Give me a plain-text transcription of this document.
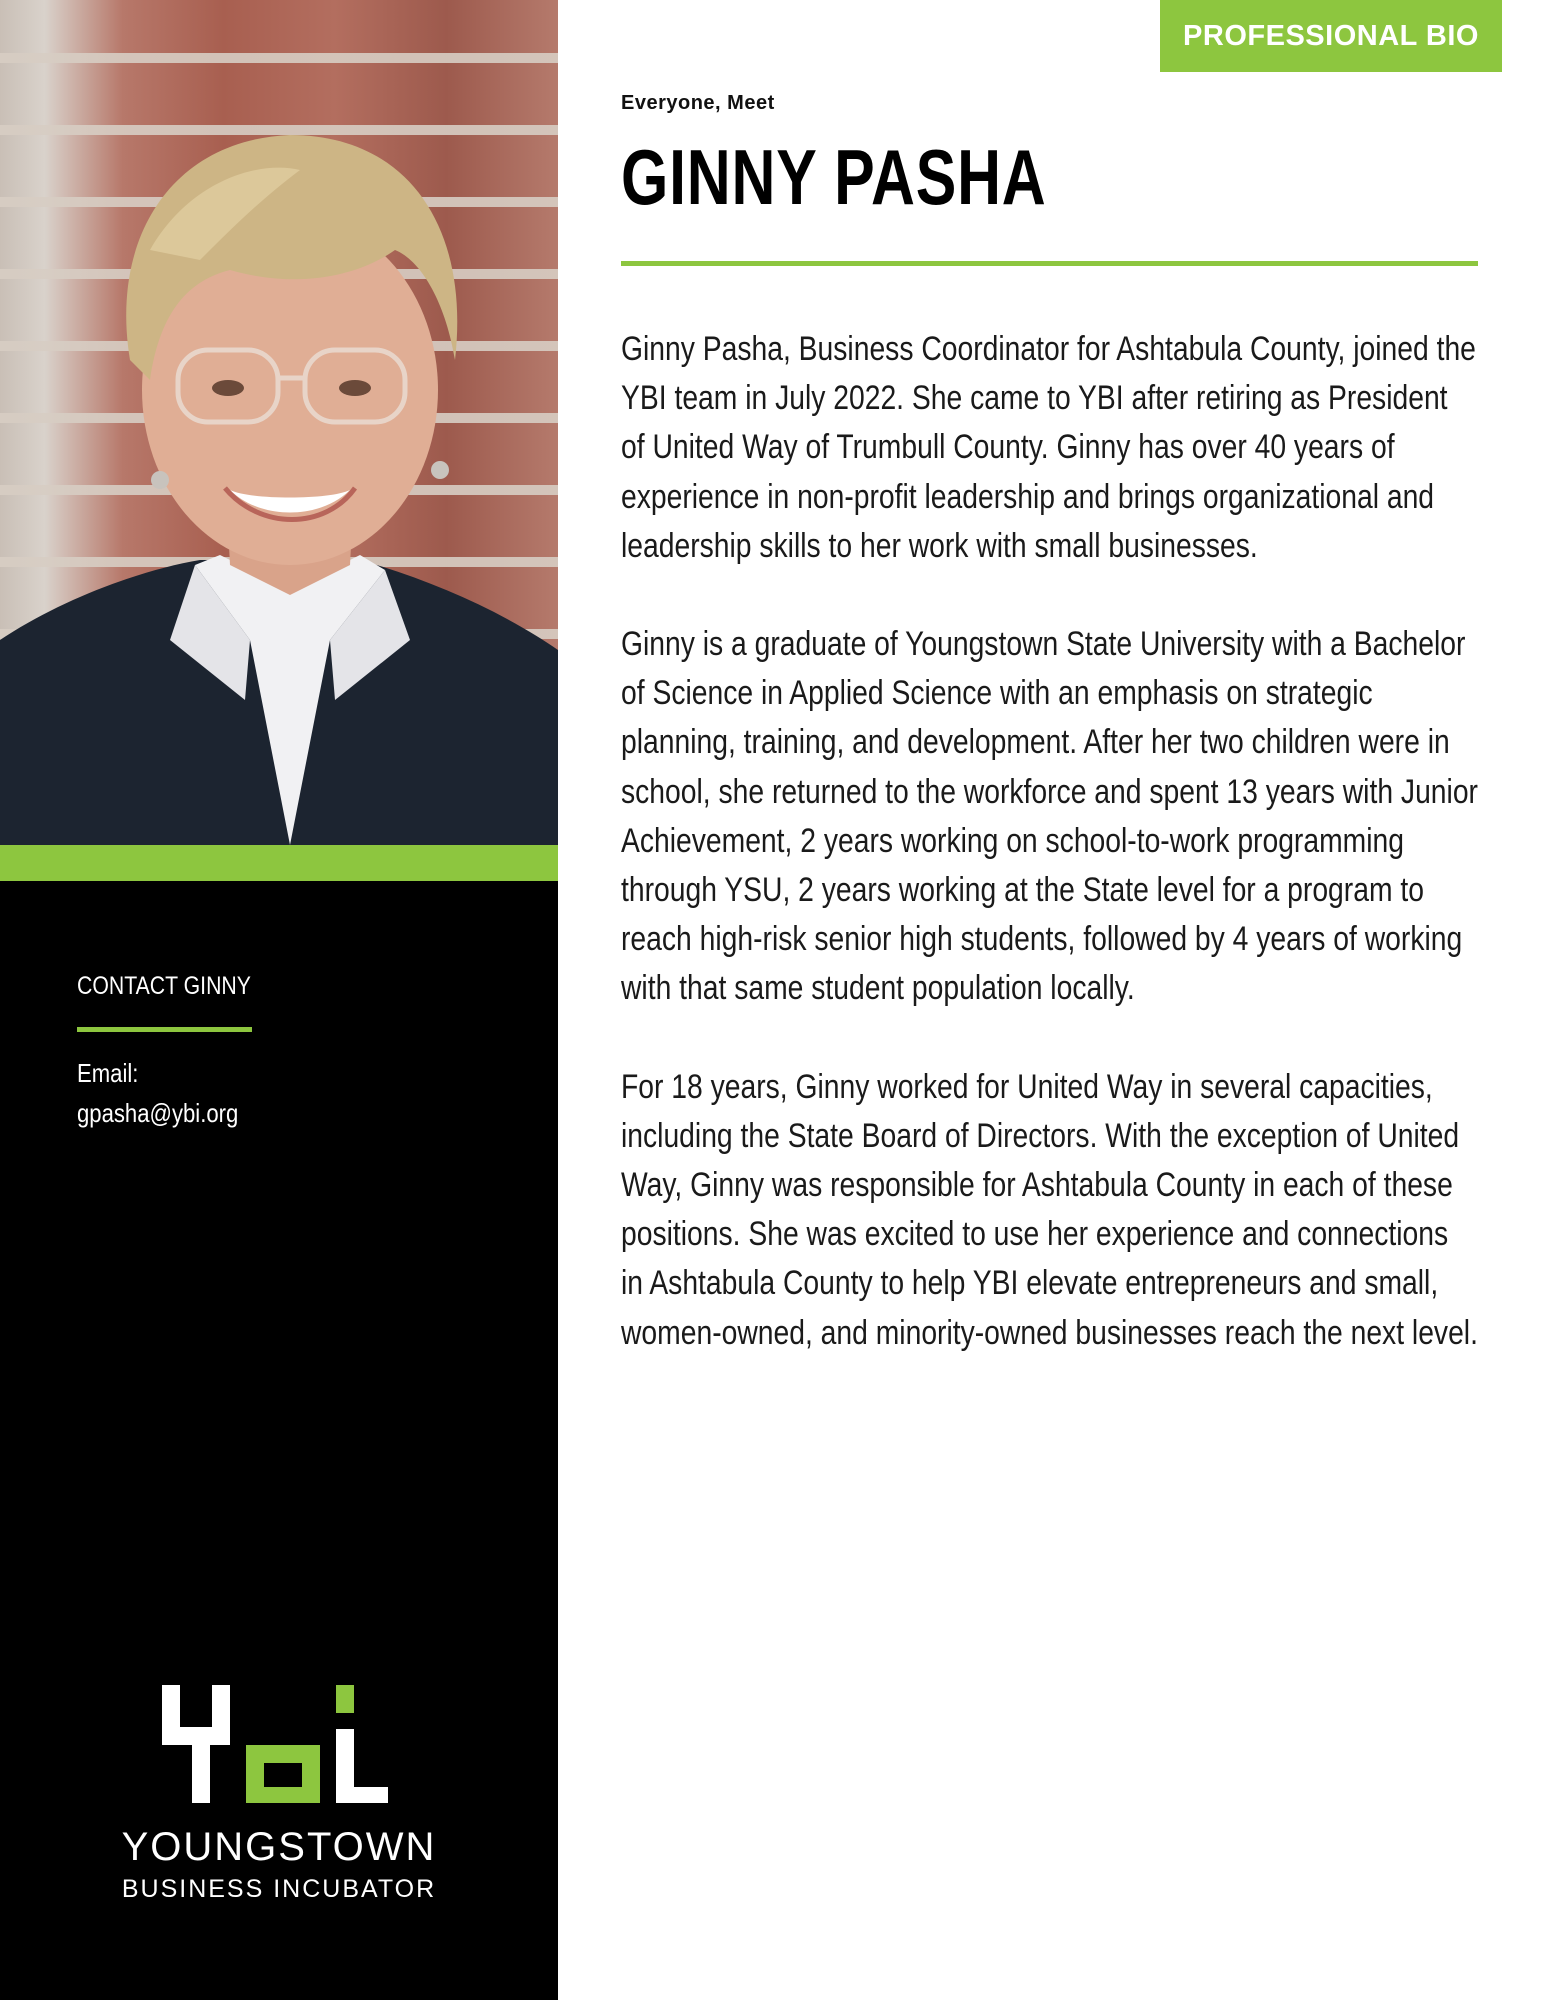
CONTACT GINNY
Email:
gpasha@ybi.org
YOUNGSTOWN
BUSINESS INCUBATOR
PROFESSIONAL BIO
Everyone, Meet
GINNY PASHA

Ginny Pasha, Business Coordinator for Ashtabula County, joined the YBI team in July 2022. She came to YBI after retiring as President of United Way of Trumbull County. Ginny has over 40 years of experience in non-profit leadership and brings organizational and leadership skills to her work with small businesses.

Ginny is a graduate of Youngstown State University with a Bachelor of Science in Applied Science with an emphasis on strategic planning, training, and development. After her two children were in school, she returned to the workforce and spent 13 years with Junior Achievement, 2 years working on school-to-work programming through YSU, 2 years working at the State level for a program to reach high-risk senior high students, followed by 4 years of working with that same student population locally.

For 18 years, Ginny worked for United Way in several capacities, including the State Board of Directors. With the exception of United Way, Ginny was responsible for Ashtabula County in each of these positions. She was excited to use her experience and connections in Ashtabula County to help YBI elevate entrepreneurs and small, women-owned, and minority-owned businesses reach the next level.
